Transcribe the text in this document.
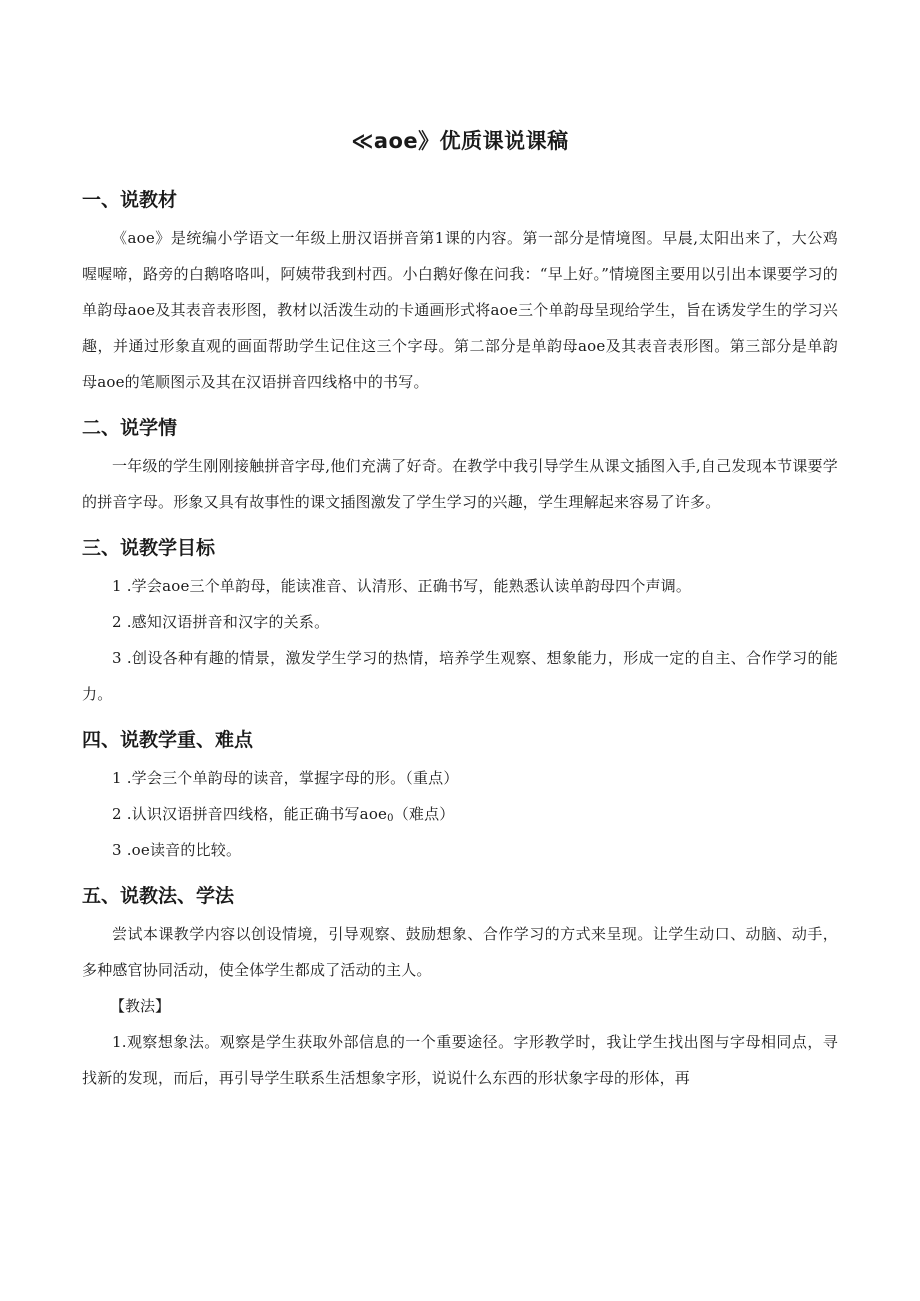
≪aoe》优质课说课稿
一、说教材

《aoe》是统编小学语文一年级上册汉语拼音第1课的内容。第一部分是情境图。早晨,太阳出来了，大公鸡喔喔啼，路旁的白鹅咯咯叫，阿姨带我到村西。小白鹅好像在问我：“早上好。”情境图主要用以引出本课要学习的单韵母aoe及其表音表形图，教材以活泼生动的卡通画形式将aoe三个单韵母呈现给学生，旨在诱发学生的学习兴趣，并通过形象直观的画面帮助学生记住这三个字母。第二部分是单韵母aoe及其表音表形图。第三部分是单韵母aoe的笔顺图示及其在汉语拼音四线格中的书写。

二、说学情

一年级的学生刚刚接触拼音字母,他们充满了好奇。在教学中我引导学生从课文插图入手,自己发现本节课要学的拼音字母。形象又具有故事性的课文插图激发了学生学习的兴趣，学生理解起来容易了许多。

三、说教学目标

1 .学会aoe三个单韵母，能读准音、认清形、正确书写，能熟悉认读单韵母四个声调。

2 .感知汉语拼音和汉字的关系。

3 .创设各种有趣的情景，激发学生学习的热情，培养学生观察、想象能力，形成一定的自主、合作学习的能力。

四、说教学重、难点

1 .学会三个单韵母的读音，掌握字母的形。（重点）

2 .认识汉语拼音四线格，能正确书写aoe$_0$（难点）

3 .oe读音的比较。

五、说教法、学法

尝试本课教学内容以创设情境，引导观察、鼓励想象、合作学习的方式来呈现。让学生动口、动脑、动手，多种感官协同活动，使全体学生都成了活动的主人。

【教法】

1.观察想象法。观察是学生获取外部信息的一个重要途径。字形教学时，我让学生找出图与字母相同点，寻找新的发现，而后，再引导学生联系生活想象字形，说说什么东西的形状象字母的形体，再
